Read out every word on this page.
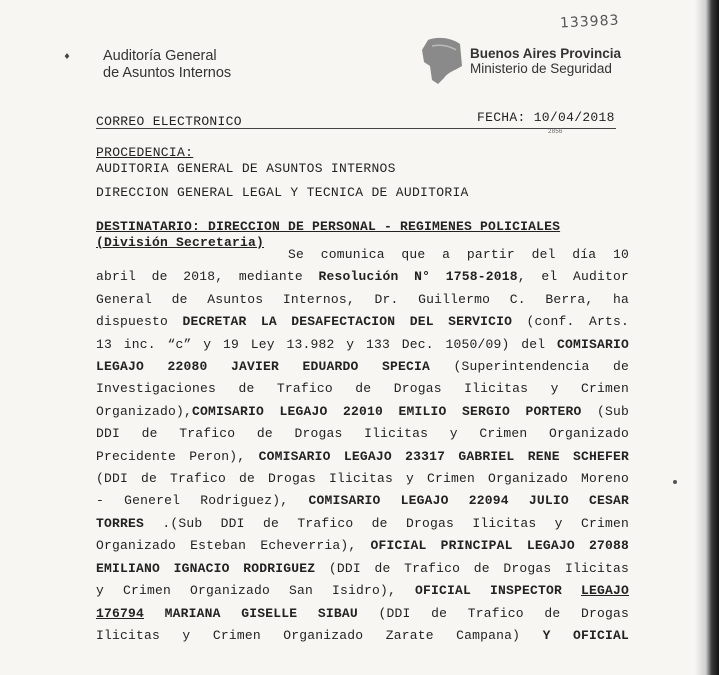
133983
♦ Auditoría General
de Asuntos Internos
Buenos Aires Provincia
Ministerio de Seguridad
CORREO ELECTRONICO	FECHA: 10/04/2018
2856
PROCEDENCIA:
AUDITORIA GENERAL DE ASUNTOS INTERNOS
DIRECCION GENERAL LEGAL Y TECNICA DE AUDITORIA
DESTINATARIO: DIRECCION DE PERSONAL - REGIMENES POLICIALES
(División Secretaria)
Se comunica que a partir del día 10
abril de 2018, mediante Resolución N° 1758-2018, el Auditor
General de Asuntos Internos, Dr. Guillermo C. Berra, ha
dispuesto DECRETAR LA DESAFECTACION DEL SERVICIO (conf. Arts.
13 inc. “c” y 19 Ley 13.982 y 133 Dec. 1050/09) del COMISARIO
LEGAJO 22080 JAVIER EDUARDO SPECIA (Superintendencia de
Investigaciones de Trafico de Drogas Ilicitas y Crimen
Organizado),COMISARIO LEGAJO 22010 EMILIO SERGIO PORTERO (Sub
DDI de Trafico de Drogas Ilicitas y Crimen Organizado
Precidente Peron), COMISARIO LEGAJO 23317 GABRIEL RENE SCHEFER
(DDI de Trafico de Drogas Ilicitas y Crimen Organizado Moreno
- Generel Rodriguez), COMISARIO LEGAJO 22094 JULIO CESAR
TORRES .(Sub DDI de Trafico de Drogas Ilicitas y Crimen
Organizado Esteban Echeverria), OFICIAL PRINCIPAL LEGAJO 27088
EMILIANO IGNACIO RODRIGUEZ (DDI de Trafico de Drogas Ilicitas
y Crimen Organizado San Isidro), OFICIAL INSPECTOR LEGAJO
176794 MARIANA GISELLE SIBAU (DDI de Trafico de Drogas
Ilicitas y Crimen Organizado Zarate Campana) Y OFICIAL
